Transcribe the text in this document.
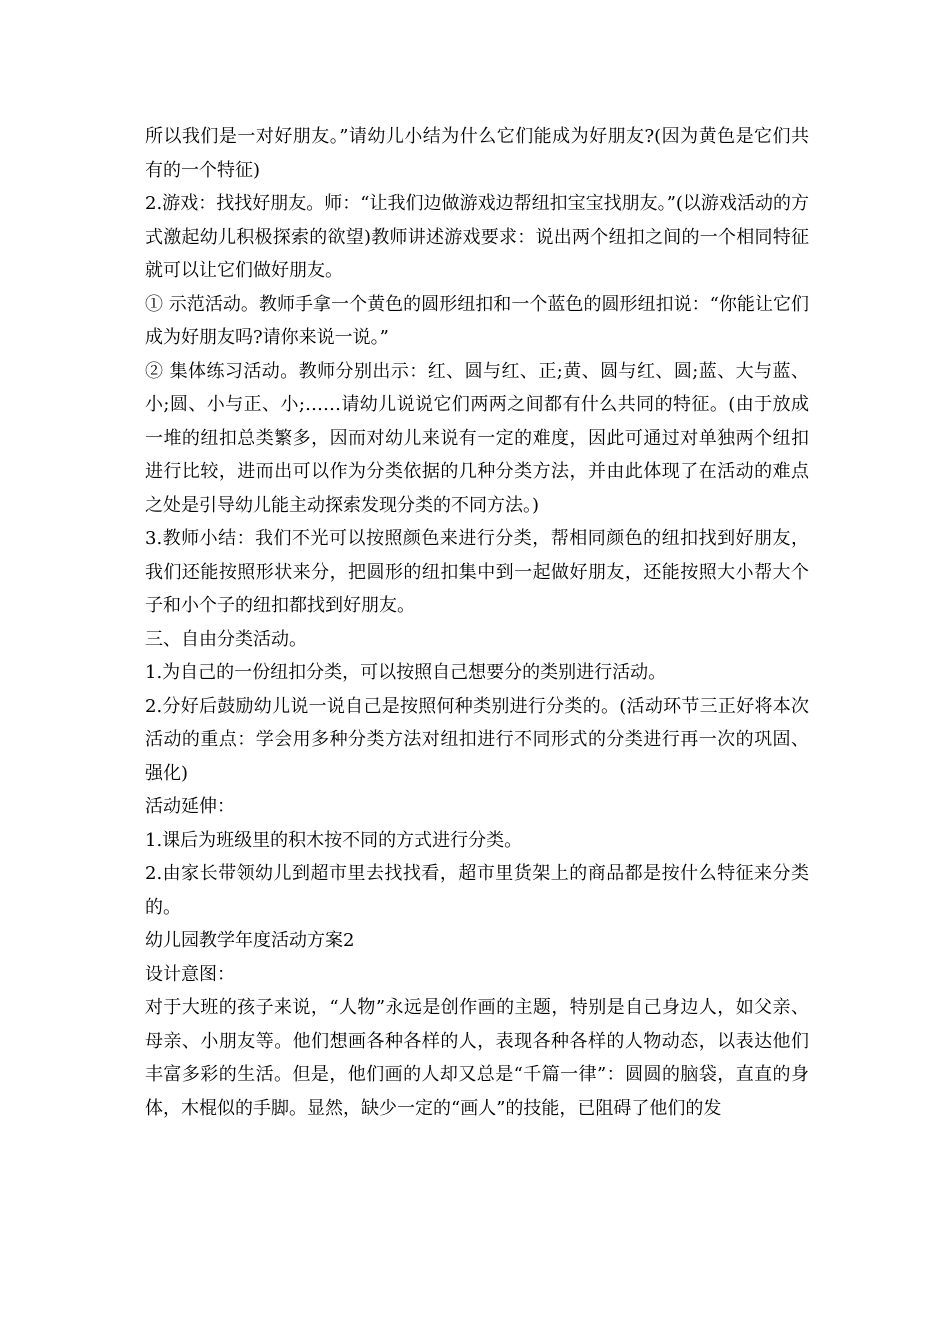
所以我们是一对好朋友。”请幼儿小结为什么它们能成为好朋友?(因为黄色是它们共有的一个特征)

2.游戏：找找好朋友。师：“让我们边做游戏边帮纽扣宝宝找朋友。”(以游戏活动的方式激起幼儿积极探索的欲望)教师讲述游戏要求：说出两个纽扣之间的一个相同特征就可以让它们做好朋友。

① 示范活动。教师手拿一个黄色的圆形纽扣和一个蓝色的圆形纽扣说：“你能让它们成为好朋友吗?请你来说一说。”

② 集体练习活动。教师分别出示：红、圆与红、正;黄、圆与红、圆;蓝、大与蓝、小;圆、小与正、小;……请幼儿说说它们两两之间都有什么共同的特征。(由于放成一堆的纽扣总类繁多，因而对幼儿来说有一定的难度，因此可通过对单独两个纽扣进行比较，进而出可以作为分类依据的几种分类方法，并由此体现了在活动的难点之处是引导幼儿能主动探索发现分类的不同方法。)

3.教师小结：我们不光可以按照颜色来进行分类，帮相同颜色的纽扣找到好朋友，我们还能按照形状来分，把圆形的纽扣集中到一起做好朋友，还能按照大小帮大个子和小个子的纽扣都找到好朋友。

三、自由分类活动。

1.为自己的一份纽扣分类，可以按照自己想要分的类别进行活动。

2.分好后鼓励幼儿说一说自己是按照何种类别进行分类的。(活动环节三正好将本次活动的重点：学会用多种分类方法对纽扣进行不同形式的分类进行再一次的巩固、强化)

活动延伸：

1.课后为班级里的积木按不同的方式进行分类。

2.由家长带领幼儿到超市里去找找看，超市里货架上的商品都是按什么特征来分类的。

幼儿园教学年度活动方案2

设计意图：

对于大班的孩子来说，“人物”永远是创作画的主题，特别是自己身边人，如父亲、母亲、小朋友等。他们想画各种各样的人，表现各种各样的人物动态，以表达他们丰富多彩的生活。但是，他们画的人却又总是“千篇一律”：圆圆的脑袋，直直的身体，木棍似的手脚。显然，缺少一定的“画人”的技能，已阻碍了他们的发
